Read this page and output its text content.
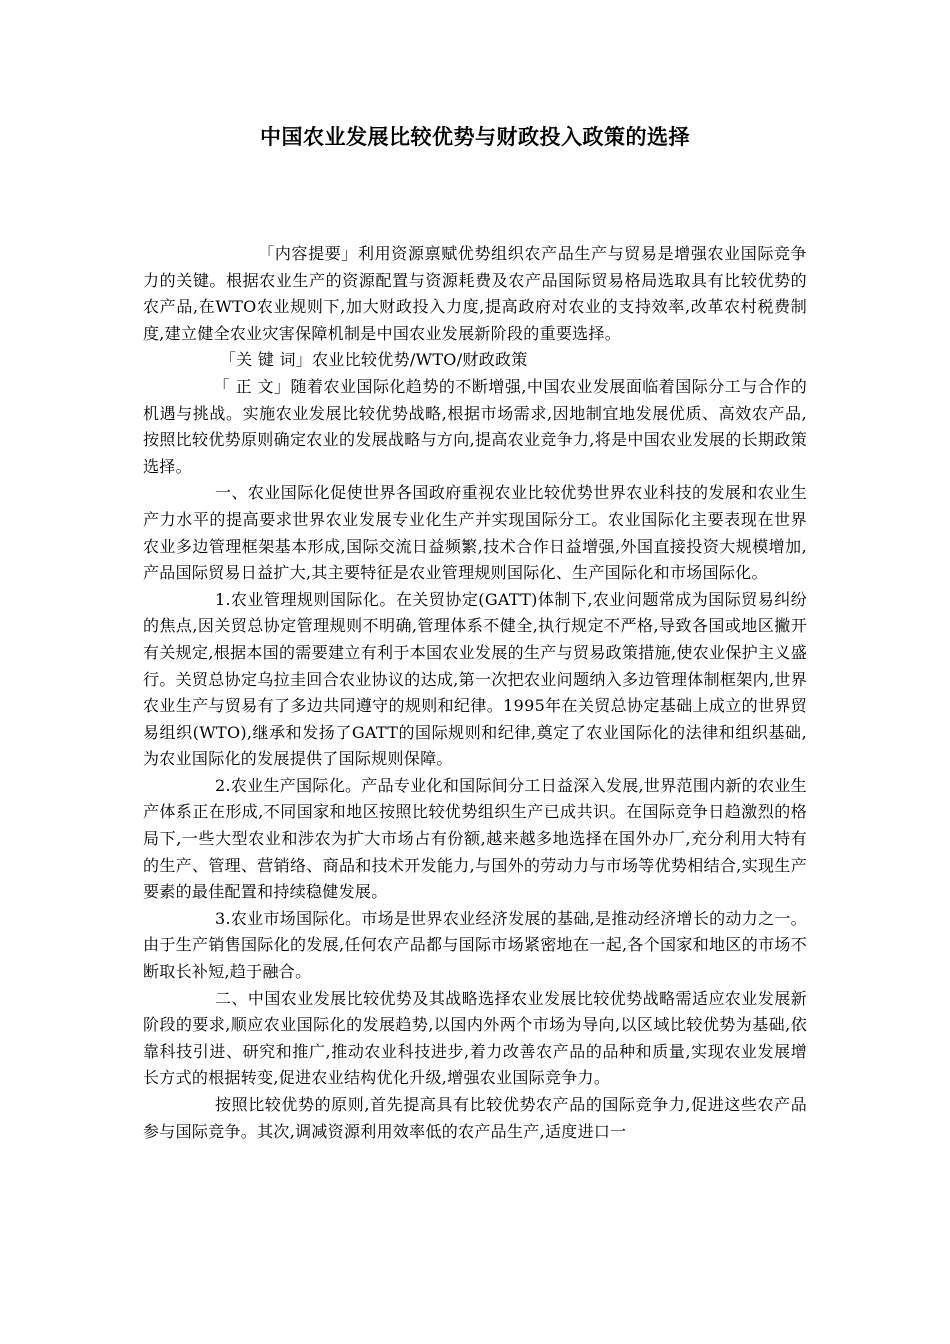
中国农业发展比较优势与财政投入政策的选择

「内容提要」利用资源禀赋优势组织农产品生产与贸易是增强农业国际竞争力的关键。根据农业生产的资源配置与资源耗费及农产品国际贸易格局选取具有比较优势的农产品,在WTO农业规则下,加大财政投入力度,提高政府对农业的支持效率,改革农村税费制度,建立健全农业灾害保障机制是中国农业发展新阶段的重要选择。

「关 键 词」农业比较优势/WTO/财政政策

「 正 文」随着农业国际化趋势的不断增强,中国农业发展面临着国际分工与合作的机遇与挑战。实施农业发展比较优势战略,根据市场需求,因地制宜地发展优质、高效农产品,按照比较优势原则确定农业的发展战略与方向,提高农业竞争力,将是中国农业发展的长期政策选择。

一、农业国际化促使世界各国政府重视农业比较优势世界农业科技的发展和农业生产力水平的提高要求世界农业发展专业化生产并实现国际分工。农业国际化主要表现在世界农业多边管理框架基本形成,国际交流日益频繁,技术合作日益增强,外国直接投资大规模增加,产品国际贸易日益扩大,其主要特征是农业管理规则国际化、生产国际化和市场国际化。

1.农业管理规则国际化。在关贸协定(GATT)体制下,农业问题常成为国际贸易纠纷的焦点,因关贸总协定管理规则不明确,管理体系不健全,执行规定不严格,导致各国或地区撇开有关规定,根据本国的需要建立有利于本国农业发展的生产与贸易政策措施,使农业保护主义盛行。关贸总协定乌拉圭回合农业协议的达成,第一次把农业问题纳入多边管理体制框架内,世界农业生产与贸易有了多边共同遵守的规则和纪律。1995年在关贸总协定基础上成立的世界贸易组织(WTO),继承和发扬了GATT的国际规则和纪律,奠定了农业国际化的法律和组织基础,为农业国际化的发展提供了国际规则保障。

2.农业生产国际化。产品专业化和国际间分工日益深入发展,世界范围内新的农业生产体系正在形成,不同国家和地区按照比较优势组织生产已成共识。在国际竞争日趋激烈的格局下,一些大型农业和涉农为扩大市场占有份额,越来越多地选择在国外办厂,充分利用大特有的生产、管理、营销络、商品和技术开发能力,与国外的劳动力与市场等优势相结合,实现生产要素的最佳配置和持续稳健发展。

3.农业市场国际化。市场是世界农业经济发展的基础,是推动经济增长的动力之一。由于生产销售国际化的发展,任何农产品都与国际市场紧密地在一起,各个国家和地区的市场不断取长补短,趋于融合。

二、中国农业发展比较优势及其战略选择农业发展比较优势战略需适应农业发展新阶段的要求,顺应农业国际化的发展趋势,以国内外两个市场为导向,以区域比较优势为基础,依靠科技引进、研究和推广,推动农业科技进步,着力改善农产品的品种和质量,实现农业发展增长方式的根据转变,促进农业结构优化升级,增强农业国际竞争力。

按照比较优势的原则,首先提高具有比较优势农产品的国际竞争力,促进这些农产品参与国际竞争。其次,调减资源利用效率低的农产品生产,适度进口一
